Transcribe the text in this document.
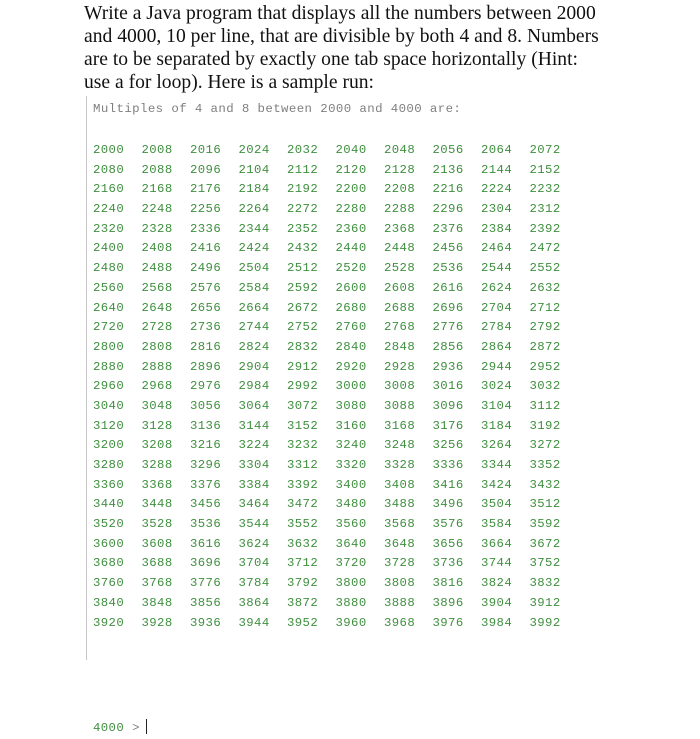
Write a Java program that displays all the numbers between 2000
and 4000, 10 per line, that are divisible by both 4 and 8. Numbers
are to be separated by exactly one tab space horizontally (Hint:
use a for loop). Here is a sample run:
Multiples of 4 and 8 between 2000 and 4000 are:
2000 2008 2016 2024 2032 2040 2048 2056 2064 2072
2080 2088 2096 2104 2112 2120 2128 2136 2144 2152
2160 2168 2176 2184 2192 2200 2208 2216 2224 2232
2240 2248 2256 2264 2272 2280 2288 2296 2304 2312
2320 2328 2336 2344 2352 2360 2368 2376 2384 2392
2400 2408 2416 2424 2432 2440 2448 2456 2464 2472
2480 2488 2496 2504 2512 2520 2528 2536 2544 2552
2560 2568 2576 2584 2592 2600 2608 2616 2624 2632
2640 2648 2656 2664 2672 2680 2688 2696 2704 2712
2720 2728 2736 2744 2752 2760 2768 2776 2784 2792
2800 2808 2816 2824 2832 2840 2848 2856 2864 2872
2880 2888 2896 2904 2912 2920 2928 2936 2944 2952
2960 2968 2976 2984 2992 3000 3008 3016 3024 3032
3040 3048 3056 3064 3072 3080 3088 3096 3104 3112
3120 3128 3136 3144 3152 3160 3168 3176 3184 3192
3200 3208 3216 3224 3232 3240 3248 3256 3264 3272
3280 3288 3296 3304 3312 3320 3328 3336 3344 3352
3360 3368 3376 3384 3392 3400 3408 3416 3424 3432
3440 3448 3456 3464 3472 3480 3488 3496 3504 3512
3520 3528 3536 3544 3552 3560 3568 3576 3584 3592
3600 3608 3616 3624 3632 3640 3648 3656 3664 3672
3680 3688 3696 3704 3712 3720 3728 3736 3744 3752
3760 3768 3776 3784 3792 3800 3808 3816 3824 3832
3840 3848 3856 3864 3872 3880 3888 3896 3904 3912
3920 3928 3936 3944 3952 3960 3968 3976 3984 3992
4000 >
